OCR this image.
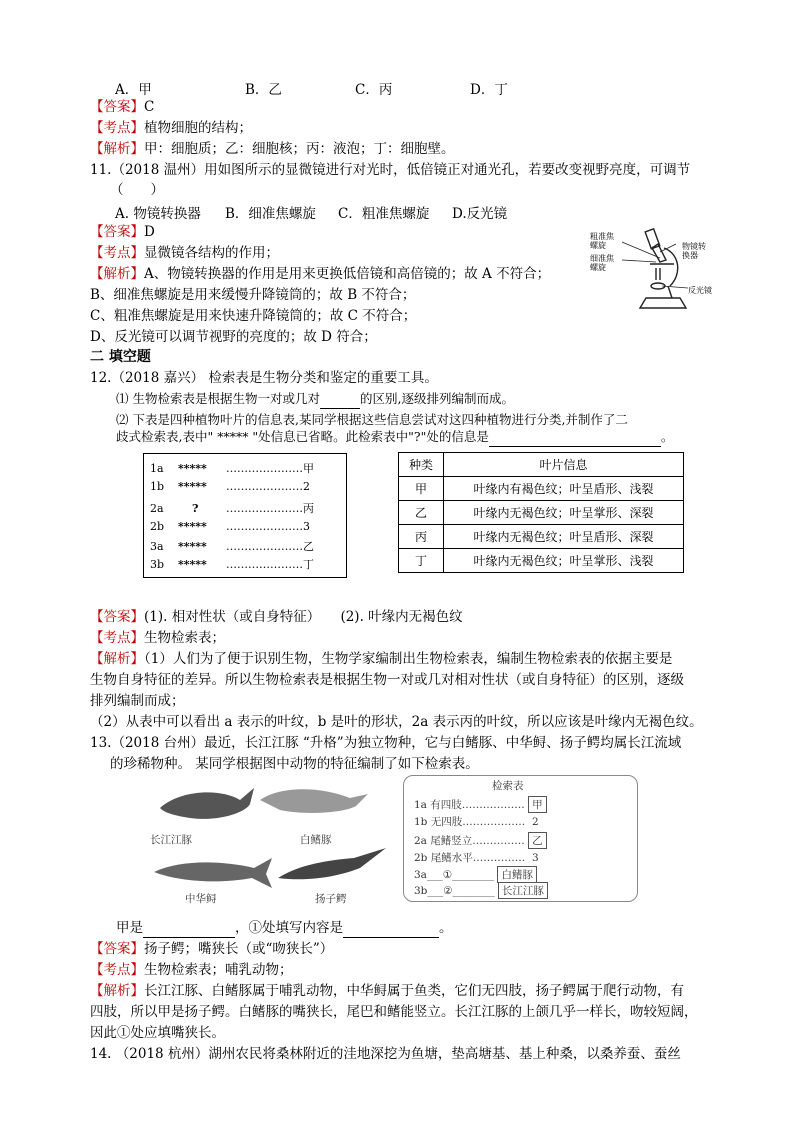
A．甲	B．乙	C．丙	D．丁
【答案】C
【考点】植物细胞的结构；
【解析】甲：细胞质；乙：细胞核；丙：液泡；丁：细胞壁。
11.（2018 温州）用如图所示的显微镜进行对光时，低倍镜正对通光孔，若要改变视野亮度，可调节
（　　）
A. 物镜转换器 B．细准焦螺旋 C．粗准焦螺旋 D.反光镜
【答案】D
【考点】显微镜各结构的作用；
【解析】A、物镜转换器的作用是用来更换低倍镜和高倍镜的；故 A 不符合；
B、细准焦螺旋是用来缓慢升降镜筒的；故 B 不符合；
C、粗准焦螺旋是用来快速升降镜筒的；故 C 不符合；
D、反光镜可以调节视野的亮度的；故 D 符合；
粗准焦
螺旋
细准焦
螺旋
物镜转
换器
反光镜
二 填空题
12.（2018 嘉兴） 检索表是生物分类和鉴定的重要工具。
⑴ 生物检索表是根据生物一对或几对	的区别,逐级排列编制而成。
⑵ 下表是四种植物叶片的信息表,某同学根据这些信息尝试对这四种植物进行分类,并制作了二
歧式检索表,表中" ***** "处信息已省略。此检索表中"?"处的信息是	。
1a ***** …………………甲
1b ***** …………………2
2a	?	…………………丙
2b ***** …………………3
3a ***** …………………乙
3b ***** …………………丁
种类	叶片信息
甲	叶缘内有褐色纹；叶呈盾形、浅裂
乙	叶缘内无褐色纹；叶呈掌形、深裂
丙	叶缘内无褐色纹；叶呈盾形、深裂
丁	叶缘内无褐色纹；叶呈掌形、浅裂
【答案】(1). 相对性状（或自身特征）　　(2). 叶缘内无褐色纹
【考点】生物检索表；
【解析】（1）人们为了便于识别生物，生物学家编制出生物检索表，编制生物检索表的依据主要是
生物自身特征的差异。所以生物检索表是根据生物一对或几对相对性状（或自身特征）的区别，逐级
排列编制而成；
（2）从表中可以看出 a 表示的叶纹，b 是叶的形状，2a 表示丙的叶纹，所以应该是叶缘内无褐色纹。
13.（2018 台州）最近，长江江豚 “升格”为独立物种，它与白鳍豚、中华鲟、扬子鳄均属长江流域
的珍稀物种。 某同学根据图中动物的特征编制了如下检索表。
长江江豚	白鳍豚
中华鲟	扬子鳄
检索表
1a 有四肢……………… 甲
1b 无四肢………………  2
2a 尾鳍竖立…………… 乙
2b 尾鳍水平……………  3
3a___①________ 白鳍豚
3b___②________ 长江江豚
甲是	，①处填写内容是	。
【答案】扬子鳄；嘴狭长（或“吻狭长”）
【考点】生物检索表；哺乳动物；
【解析】长江江豚、白鳍豚属于哺乳动物，中华鲟属于鱼类，它们无四肢，扬子鳄属于爬行动物，有
四肢，所以甲是扬子鳄。白鳍豚的嘴狭长，尾巴和鳍能竖立。长江江豚的上颌几乎一样长，吻较短阔，
因此①处应填嘴狭长。
14. （2018 杭州）湖州农民将桑林附近的洼地深挖为鱼塘，垫高塘基、基上种桑，以桑养蚕、蚕丝
